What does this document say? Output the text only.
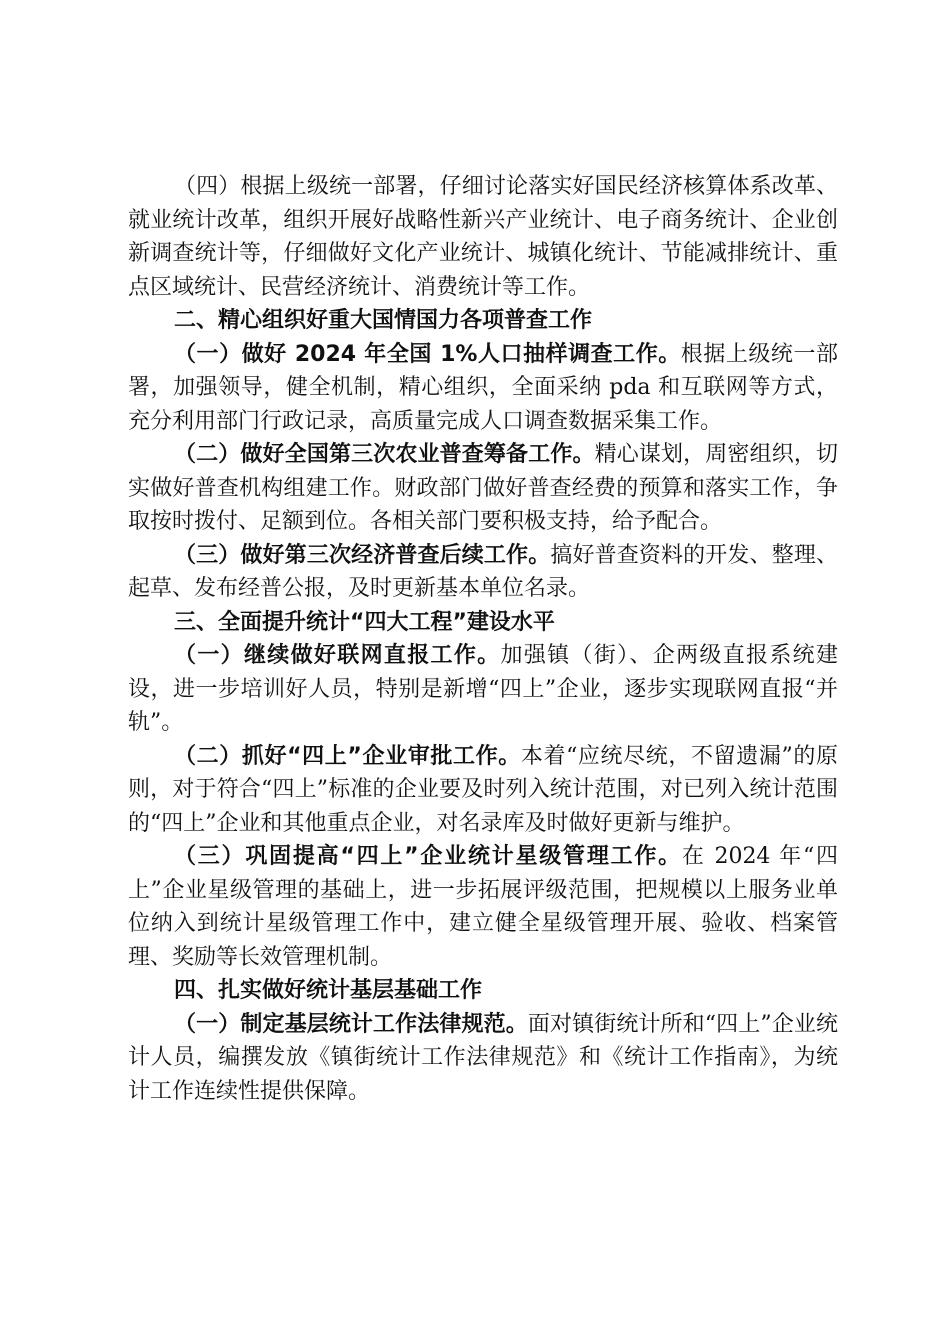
（四）根据上级统一部署，仔细讨论落实好国民经济核算体系改革、就业统计改革，组织开展好战略性新兴产业统计、电子商务统计、企业创新调查统计等，仔细做好文化产业统计、城镇化统计、节能减排统计、重点区域统计、民营经济统计、消费统计等工作。

二、精心组织好重大国情国力各项普查工作

（一）做好 2024 年全国 1%人口抽样调查工作。根据上级统一部署，加强领导，健全机制，精心组织，全面采纳 pda 和互联网等方式，充分利用部门行政记录，高质量完成人口调查数据采集工作。

（二）做好全国第三次农业普查筹备工作。精心谋划，周密组织，切实做好普查机构组建工作。财政部门做好普查经费的预算和落实工作，争取按时拨付、足额到位。各相关部门要积极支持，给予配合。

（三）做好第三次经济普查后续工作。搞好普查资料的开发、整理、起草、发布经普公报，及时更新基本单位名录。

三、全面提升统计“四大工程”建设水平

（一）继续做好联网直报工作。加强镇（街）、企两级直报系统建设，进一步培训好人员，特别是新增“四上”企业，逐步实现联网直报“并轨”。

（二）抓好“四上”企业审批工作。本着“应统尽统，不留遗漏”的原则，对于符合“四上”标准的企业要及时列入统计范围，对已列入统计范围的“四上”企业和其他重点企业，对名录库及时做好更新与维护。

（三）巩固提高“四上”企业统计星级管理工作。在 2024 年“四上”企业星级管理的基础上，进一步拓展评级范围，把规模以上服务业单位纳入到统计星级管理工作中，建立健全星级管理开展、验收、档案管理、奖励等长效管理机制。

四、扎实做好统计基层基础工作

（一）制定基层统计工作法律规范。面对镇街统计所和“四上”企业统计人员，编撰发放《镇街统计工作法律规范》和《统计工作指南》，为统计工作连续性提供保障。
